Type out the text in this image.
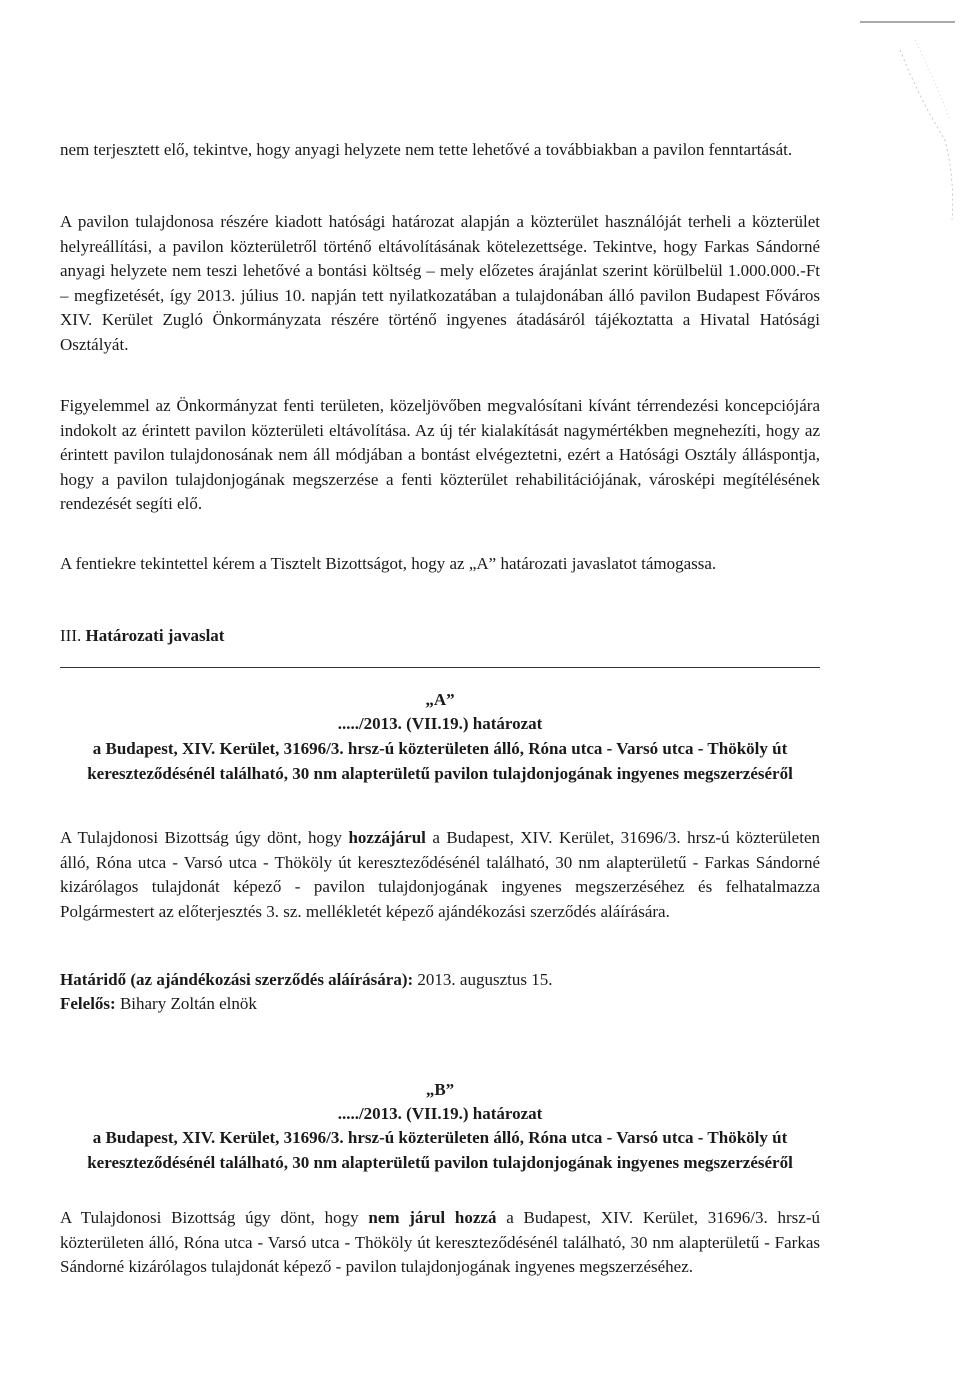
nem terjesztett elő, tekintve, hogy anyagi helyzete nem tette lehetővé a továbbiakban a pavilon fenntartását.

A pavilon tulajdonosa részére kiadott hatósági határozat alapján a közterület használóját terheli a közterület helyreállítási, a pavilon közterületről történő eltávolításának kötelezettsége. Tekintve, hogy Farkas Sándorné anyagi helyzete nem teszi lehetővé a bontási költség – mely előzetes árajánlat szerint körülbelül 1.000.000.-Ft – megfizetését, így 2013. július 10. napján tett nyilatkozatában a tulajdonában álló pavilon Budapest Főváros XIV. Kerület Zugló Önkormányzata részére történő ingyenes átadásáról tájékoztatta a Hivatal Hatósági Osztályát.

Figyelemmel az Önkormányzat fenti területen, közeljövőben megvalósítani kívánt térrendezési koncepciójára indokolt az érintett pavilon közterületi eltávolítása. Az új tér kialakítását nagymértékben megnehezíti, hogy az érintett pavilon tulajdonosának nem áll módjában a bontást elvégeztetni, ezért a Hatósági Osztály álláspontja, hogy a pavilon tulajdonjogának megszerzése a fenti közterület rehabilitációjának, városképi megítélésének rendezését segíti elő.

A fentiekre tekintettel kérem a Tisztelt Bizottságot, hogy az „A” határozati javaslatot támogassa.

III. Határozati javaslat

„A”

...../2013. (VII.19.) határozat

a Budapest, XIV. Kerület, 31696/3. hrsz-ú közterületen álló, Róna utca - Varsó utca - Thököly út kereszteződésénél található, 30 nm alapterületű pavilon tulajdonjogának ingyenes megszerzéséről

A Tulajdonosi Bizottság úgy dönt, hogy hozzájárul a Budapest, XIV. Kerület, 31696/3. hrsz-ú közterületen álló, Róna utca - Varsó utca - Thököly út kereszteződésénél található, 30 nm alapterületű - Farkas Sándorné kizárólagos tulajdonát képező - pavilon tulajdonjogának ingyenes megszerzéséhez és felhatalmazza Polgármestert az előterjesztés 3. sz. mellékletét képező ajándékozási szerződés aláírására.

Határidő (az ajándékozási szerződés aláírására): 2013. augusztus 15.

Felelős: Bihary Zoltán elnök

„B”

...../2013. (VII.19.) határozat

a Budapest, XIV. Kerület, 31696/3. hrsz-ú közterületen álló, Róna utca - Varsó utca - Thököly út kereszteződésénél található, 30 nm alapterületű pavilon tulajdonjogának ingyenes megszerzéséről

A Tulajdonosi Bizottság úgy dönt, hogy nem járul hozzá a Budapest, XIV. Kerület, 31696/3. hrsz-ú közterületen álló, Róna utca - Varsó utca - Thököly út kereszteződésénél található, 30 nm alapterületű - Farkas Sándorné kizárólagos tulajdonát képező - pavilon tulajdonjogának ingyenes megszerzéséhez.
